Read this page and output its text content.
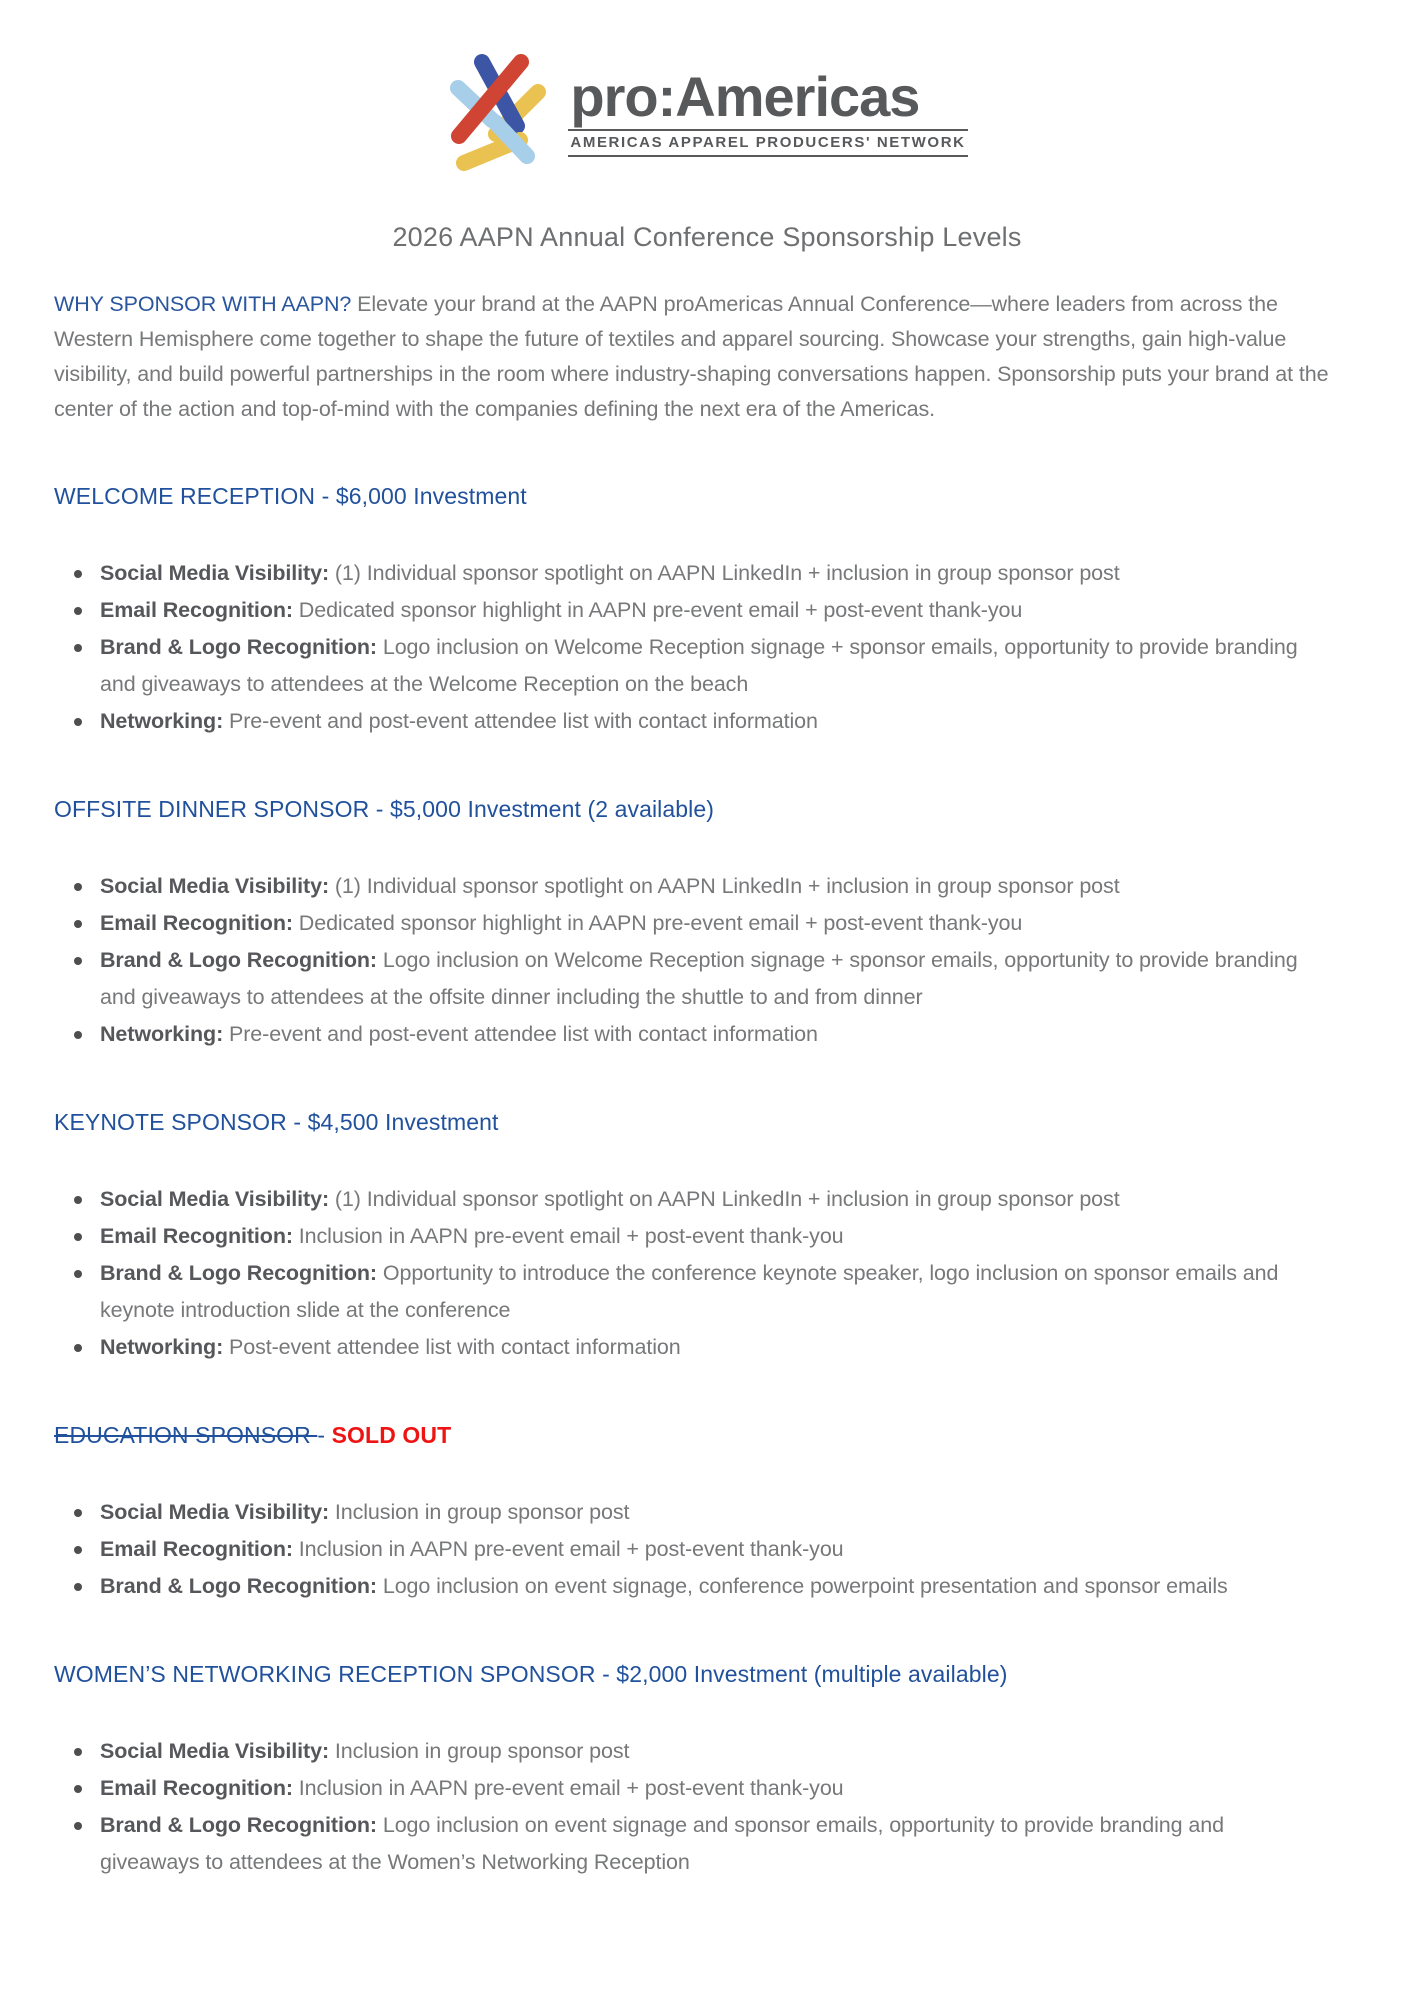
pro:Americas
AMERICAS APPAREL PRODUCERS' NETWORK
2026 AAPN Annual Conference Sponsorship Levels

WHY SPONSOR WITH AAPN? Elevate your brand at the AAPN proAmericas Annual Conference—where leaders from across the Western Hemisphere come together to shape the future of textiles and apparel sourcing. Showcase your strengths, gain high-value visibility, and build powerful partnerships in the room where industry-shaping conversations happen. Sponsorship puts your brand at the center of the action and top-of-mind with the companies defining the next era of the Americas.

WELCOME RECEPTION - $6,000 Investment
Social Media Visibility: (1) Individual sponsor spotlight on AAPN LinkedIn + inclusion in group sponsor post
Email Recognition: Dedicated sponsor highlight in AAPN pre-event email + post-event thank-you
Brand & Logo Recognition: Logo inclusion on Welcome Reception signage + sponsor emails, opportunity to provide branding and giveaways to attendees at the Welcome Reception on the beach
Networking: Pre-event and post-event attendee list with contact information
OFFSITE DINNER SPONSOR - $5,000 Investment (2 available)
Social Media Visibility: (1) Individual sponsor spotlight on AAPN LinkedIn + inclusion in group sponsor post
Email Recognition: Dedicated sponsor highlight in AAPN pre-event email + post-event thank-you
Brand & Logo Recognition: Logo inclusion on Welcome Reception signage + sponsor emails, opportunity to provide branding and giveaways to attendees at the offsite dinner including the shuttle to and from dinner
Networking: Pre-event and post-event attendee list with contact information
KEYNOTE SPONSOR - $4,500 Investment
Social Media Visibility: (1) Individual sponsor spotlight on AAPN LinkedIn + inclusion in group sponsor post
Email Recognition: Inclusion in AAPN pre-event email + post-event thank-you
Brand & Logo Recognition: Opportunity to introduce the conference keynote speaker, logo inclusion on sponsor emails and keynote introduction slide at the conference
Networking: Post-event attendee list with contact information
EDUCATION SPONSOR - SOLD OUT
Social Media Visibility: Inclusion in group sponsor post
Email Recognition: Inclusion in AAPN pre-event email + post-event thank-you
Brand & Logo Recognition: Logo inclusion on event signage, conference powerpoint presentation and sponsor emails
WOMEN’S NETWORKING RECEPTION SPONSOR - $2,000 Investment (multiple available)
Social Media Visibility: Inclusion in group sponsor post
Email Recognition: Inclusion in AAPN pre-event email + post-event thank-you
Brand & Logo Recognition: Logo inclusion on event signage and sponsor emails, opportunity to provide branding and giveaways to attendees at the Women’s Networking Reception
